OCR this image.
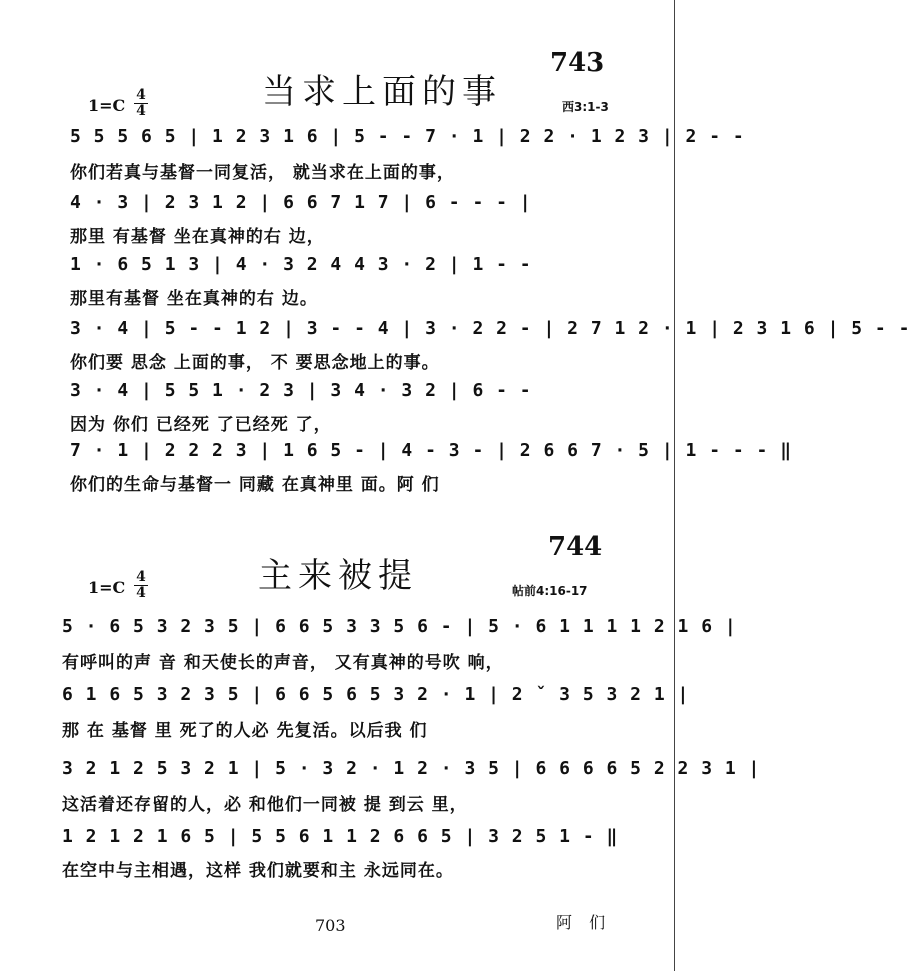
743
当求上面的事
1=C
4
4	西3:1-3
5 5 5 6 5 | 1 2 3 1 6 | 5 - - 7 · 1 | 2 2 · 1 2 3 | 2 - -
你们若真与基督一同复活， 就当求在上面的事，
4 · 3 | 2 3 1 2 | 6 6 7 1 7 | 6 - - - |
那里 有基督 坐在真神的右 边，
1 · 6 5 1 3 | 4 · 3 2 4 4 3 · 2 | 1 - -
那里有基督 坐在真神的右 边。
3 · 4 | 5 - - 1 2 | 3 - - 4 | 3 · 2 2 - | 2 7 1 2 · 1 | 2 3 1 6 | 5 - -
你们要 思念 上面的事， 不 要思念地上的事。
3 · 4 | 5 5 1 · 2 3 | 3 4 · 3 2 | 6 - -
因为 你们 已经死 了已经死 了，
7 · 1 | 2 2 2 3 | 1 6 5 - | 4 - 3 - | 2 6 6 7 · 5 | 1 - - - ‖
你们的生命与基督一 同藏 在真神里 面。阿 们
744
主来被提
1=C
4
4	帖前4:16-17
5 · 6 5 3 2 3 5 | 6 6 5 3 3 5 6 - | 5 · 6 1 1 1 1 2 1 6 |
有呼叫的声 音 和天使长的声音， 又有真神的号吹 响，
6 1 6 5 3 2 3 5 | 6 6 5 6 5 3 2 · 1 | 2 ˇ 3 5 3 2 1 |
那 在 基督 里 死了的人必 先复活。以后我 们
3 2 1 2 5 3 2 1 | 5 · 3 2 · 1 2 · 3 5 | 6 6 6 6 5 2 2 3 1 |
这活着还存留的人，必 和他们一同被 提 到云 里，
1 2 1 2 1 6 5 | 5 5 6 1 1 2 6 6 5 | 3 2 5 1 - ‖
在空中与主相遇，这样 我们就要和主 永远同在。
703	阿 们
